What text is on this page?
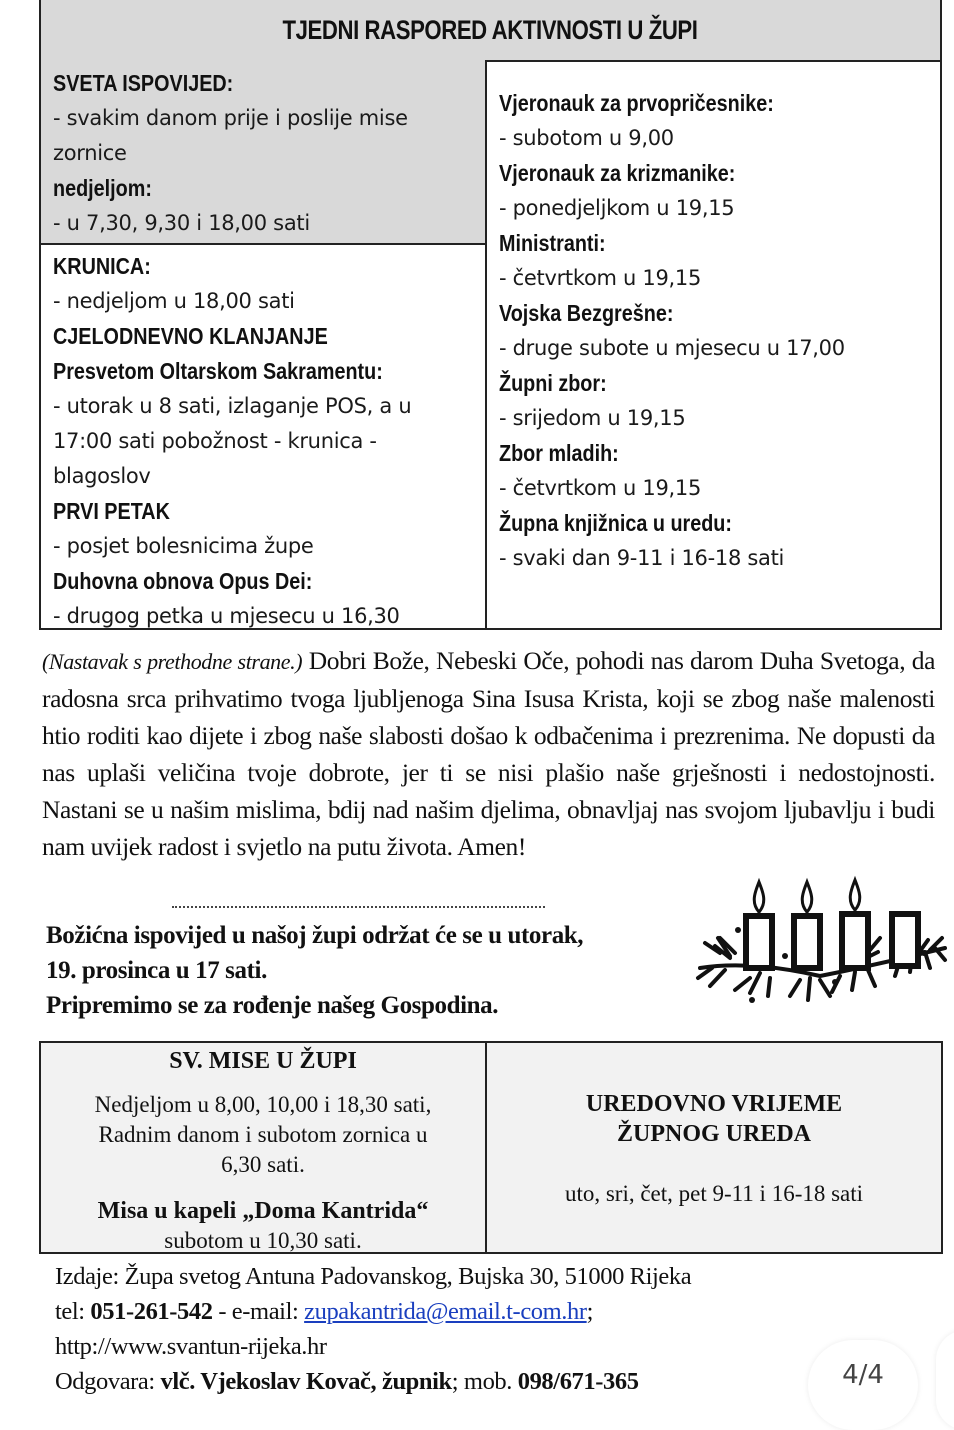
TJEDNI RASPORED AKTIVNOSTI U ŽUPI
SVETA ISPOVIJED:
- svakim danom prije i poslije mise
zornice
nedjeljom:
- u 7,30, 9,30 i 18,00 sati
KRUNICA:
- nedjeljom u 18,00 sati
CJELODNEVNO KLANJANJE
Presvetom Oltarskom Sakramentu:
- utorak u 8 sati, izlaganje POS, a u
17:00 sati pobožnost - krunica -
blagoslov
PRVI PETAK
- posjet bolesnicima župe
Duhovna obnova Opus Dei:
- drugog petka u mjesecu u 16,30
Vjeronauk za prvopričesnike:
- subotom u 9,00
Vjeronauk za krizmanike:
- ponedjeljkom u 19,15
Ministranti:
- četvrtkom u 19,15
Vojska Bezgrešne:
- druge subote u mjesecu u 17,00
Župni zbor:
- srijedom u 19,15
Zbor mladih:
- četvrtkom u 19,15
Župna knjižnica u uredu:
- svaki dan 9-11 i 16-18 sati
(Nastavak s prethodne strane.) Dobri Bože, Nebeski Oče, pohodi nas darom Duha Svetoga, da radosna srca prihvatimo tvoga ljubljenoga Sina Isusa Krista, koji se zbog naše malenosti htio roditi kao dijete i zbog naše slabosti došao k odbačenima i prezrenima. Ne dopusti da nas uplaši veličina tvoje dobrote, jer ti se nisi plašio naše grješnosti i nedostojnosti. Nastani se u našim mislima, bdij nad našim djelima, obnavljaj nas svojom ljubavlju i budi nam uvijek radost i svjetlo na putu života. Amen!
Božićna ispovijed u našoj župi održat će se u utorak,
19. prosinca u 17 sati.
Pripremimo se za rođenje našeg Gospodina.
SV. MISE U ŽUPI
Nedjeljom u 8,00, 10,00 i 18,30 sati,
Radnim danom i subotom zornica u
6,30 sati.
Misa u kapeli „Doma Kantrida“
subotom u 10,30 sati.
UREDOVNO VRIJEME
ŽUPNOG UREDA
uto, sri, čet, pet 9-11 i 16-18 sati
Izdaje: Župa svetog Antuna Padovanskog, Bujska 30, 51000 Rijeka
tel: 051-261-542 - e-mail: zupakantrida@email.t-com.hr;
http://www.svantun-rijeka.hr
Odgovara: vlč. Vjekoslav Kovač, župnik; mob. 098/671-365	4/4
